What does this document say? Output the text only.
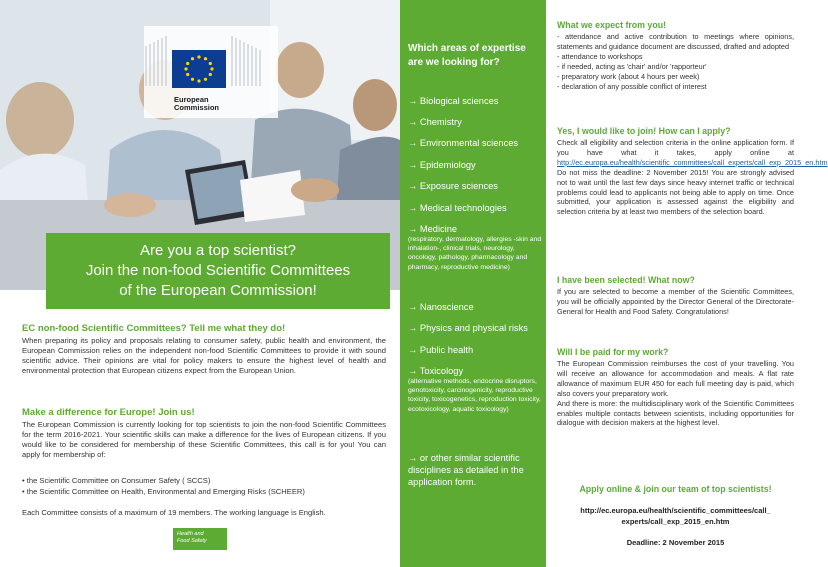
European
Commission
Are you a top scientist?
Join the non-food Scientific Committees
of the European Commission!
EC non-food Scientific Committees? Tell me what they do!
When preparing its policy and proposals relating to consumer safety, public health and environment, the European Commission relies on the independent non-food Scientific Committees to provide it with sound scientific advice. Their opinions are vital for policy makers to ensure the highest level of health and environmental protection that European citizens expect from the European Union.
Make a difference for Europe! Join us!
The European Commission is currently looking for top scientists to join the non-food Scientific Committees for the term 2016-2021. Your scientific skills can make a difference for the lives of European citizens. If you would like to be considered for membership of these Scientific Committees, this call is for you! You can apply for membership of:
• the Scientific Committee on Consumer Safety ( SCCS)
• the Scientific Committee on Health, Environmental and Emerging Risks (SCHEER)
Each Committee consists of a maximum of 19 members. The working language is English.
Health and
Food Safety
Which areas of expertise
are we looking for?
→ Biological sciences
→ Chemistry
→ Environmental sciences
→ Epidemiology
→ Exposure sciences
→ Medical technologies
→ Medicine
(respiratory, dermatology, allergies -skin and inhalation-, clinical trials, neurology, oncology, pathology, pharmacology and pharmacy, reproductive medicine)
→ Nanoscience
→ Physics and physical risks
→ Public health
→ Toxicology
(alternative methods, endocrine disruptors, genotoxicity, carcinogenicity, reproductive toxicity, toxicogenetics, reproduction toxicity, ecotoxicology, aquatic toxicology)
→ or other similar scientific disciplines as detailed in the application form.
What we expect from you!
- attendance and active contribution to meetings where opinions, statements and guidance document are discussed, drafted and adopted
- attendance to workshops
- if needed, acting as 'chair' and/or 'rapporteur'
- preparatory work (about 4 hours per week)
- declaration of any possible conflict of interest
Yes, I would like to join! How can I apply?
Check all eligibility and selection criteria in the online application form. If you have what it takes, apply online at http://ec.europa.eu/health/scientific_committees/call_experts/call_exp_2015_en.htm
Do not miss the deadline: 2 November 2015! You are strongly advised not to wait until the last few days since heavy internet traffic or technical problems could lead to applicants not being able to apply on time. Once submitted, your application is assessed against the eligibility and selection criteria by at least two members of the selection board.
I have been selected! What now?
If you are selected to become a member of the Scientific Committees, you will be officially appointed by the Director General of the Directorate-General for Health and Food Safety. Congratulations!
Will I be paid for my work?
The European Commission reimburses the cost of your travelling. You will receive an allowance for accommodation and meals. A flat rate allowance of maximum EUR 450 for each full meeting day is paid, which also covers your preparatory work.
And there is more: the multidisciplinary work of the Scientific Committees enables multiple contacts between scientists, including opportunities for dialogue with decision makers at the highest level.
Apply online & join our team of top scientists!
http://ec.europa.eu/health/scientific_committees/call_
experts/call_exp_2015_en.htm
Deadline: 2 November 2015
